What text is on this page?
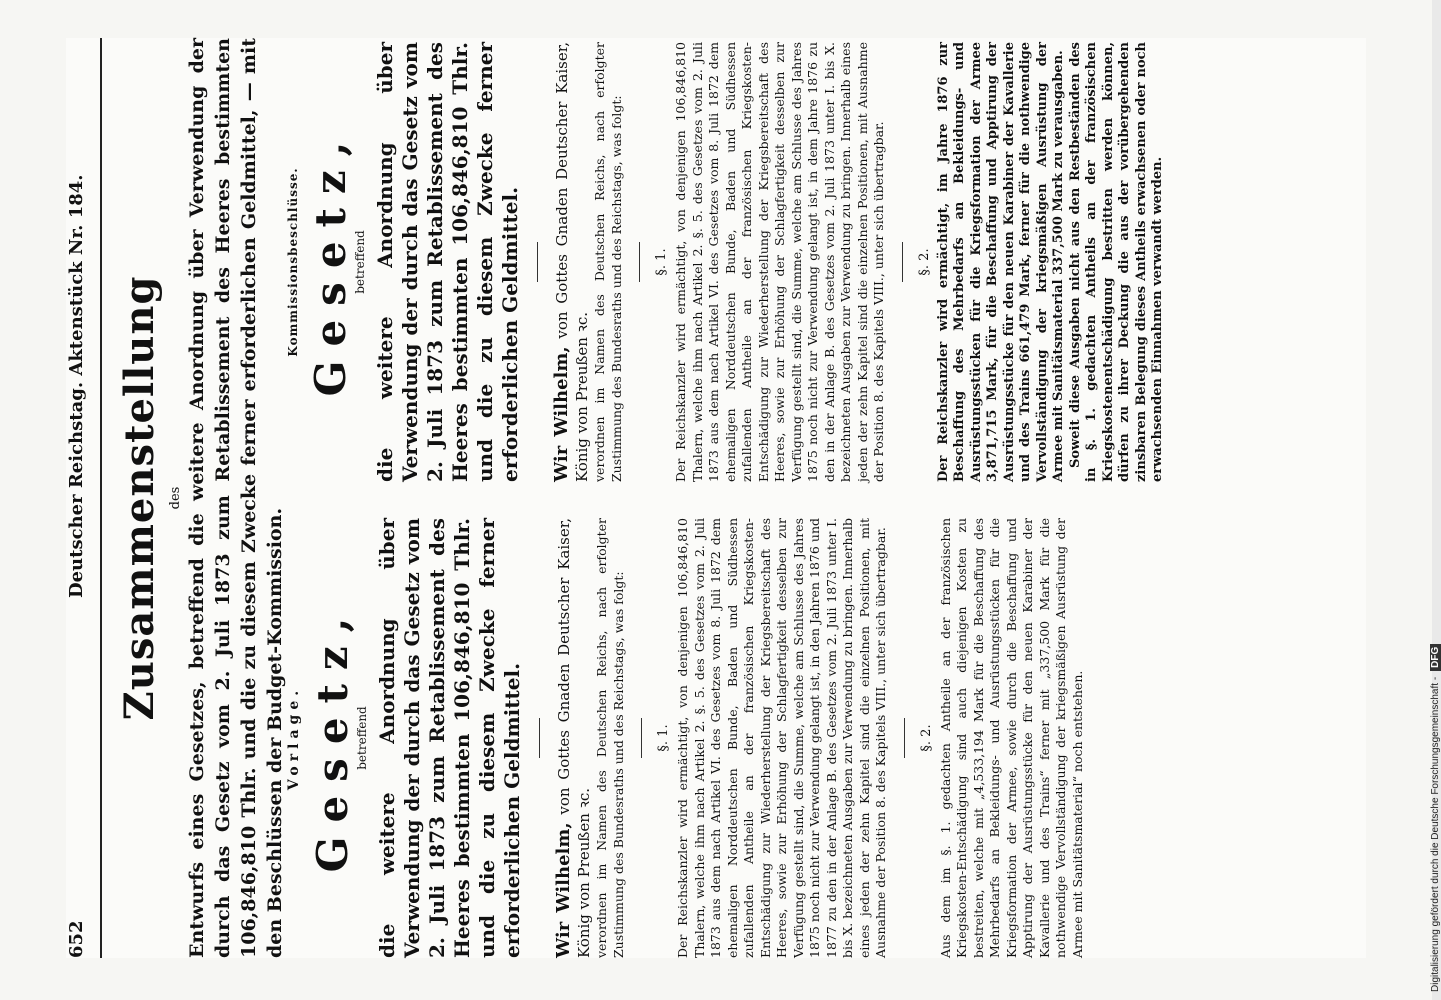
652
Deutscher Reichstag. Aktenstück Nr. 184. Zusammenstellung des Entwurfs eines Gesetzes, betreffend die weitere Anordnung über Verwendung der durch das Gesetz vom 2. Juli 1873 zum Retablissement des Heeres bestimmten 106,846,810 Thlr. und die zu diesem Zwecke ferner erforderlichen Geldmittel, — mit den Beschlüssen der Budget-Kommission. Vorlage. Gesetz,
betreffend die weitere Anordnung über Verwendung der durch das Gesetz vom 2. Juli 1873 zum Retablissement des Heeres bestimmten 106,846,810 Thlr. und die zu diesem Zwecke ferner erforderlichen Geldmittel. Wir Wilhelm, von Gottes Gnaden Deutscher Kaiser, König von Preußen ꝛc. verordnen im Namen des Deutschen Reichs, nach erfolgter Zustimmung des Bundesraths und des Reichstags, was folgt: §. 1. Der Reichskanzler wird ermächtigt, von denjenigen 106,846,810 Thalern, welche ihm nach Artikel 2. §. 5. des Gesetzes vom 2. Juli 1873 aus dem nach Artikel VI. des Gesetzes vom 8. Juli 1872 dem ehemaligen Norddeutschen Bunde, Baden und Südhessen zufallenden Antheile an der französischen Kriegskosten-Entschädigung zur Wiederherstellung der Kriegsbereitschaft des Heeres, sowie zur Erhöhung der Schlagfertigkeit desselben zur Verfügung gestellt sind, die Summe, welche am Schlusse des Jahres 1875 noch nicht zur Verwendung gelangt ist, in den Jahren 1876 und 1877 zu den in der Anlage B. des Gesetzes vom 2. Juli 1873 unter I. bis X. bezeichneten Ausgaben zur Verwendung zu bringen. Innerhalb eines jeden der zehn Kapitel sind die einzelnen Positionen, mit Ausnahme der Position 8. des Kapitels VIII., unter sich übertragbar. §. 2. Aus dem im §. 1. gedachten Antheile an der französischen Kriegskosten-Entschädigung sind auch diejenigen Kosten zu bestreiten, welche mit „4,533,194 Mark für die Beschaffung des Mehrbedarfs an Bekleidungs- und Ausrüstungsstücken für die Kriegsformation der Armee, sowie durch die Beschaffung und Apptirung der Ausrüstungsstücke für den neuen Karabiner der Kavallerie und des Trains“ ferner mit „337,500 Mark für die nothwendige Vervollständigung der kriegsmäßigen Ausrüstung der Armee mit Sanitätsmaterial“ noch entstehen.
Kommissionsbeschlüsse. Gesetz,
betreffend die weitere Anordnung über Verwendung der durch das Gesetz vom 2. Juli 1873 zum Retablissement des Heeres bestimmten 106,846,810 Thlr. und die zu diesem Zwecke ferner erforderlichen Geldmittel. Wir Wilhelm, von Gottes Gnaden Deutscher Kaiser, König von Preußen ꝛc. verordnen im Namen des Deutschen Reichs, nach erfolgter Zustimmung des Bundesraths und des Reichstags, was folgt: §. 1. Der Reichskanzler wird ermächtigt, von denjenigen 106,846,810 Thalern, welche ihm nach Artikel 2. §. 5. des Gesetzes vom 2. Juli 1873 aus dem nach Artikel VI. des Gesetzes vom 8. Juli 1872 dem ehemaligen Norddeutschen Bunde, Baden und Südhessen zufallenden Antheile an der französischen Kriegskosten-Entschädigung zur Wiederherstellung der Kriegsbereitschaft des Heeres, sowie zur Erhöhung der Schlagfertigkeit desselben zur Verfügung gestellt sind, die Summe, welche am Schlusse des Jahres 1875 noch nicht zur Verwendung gelangt ist, in dem Jahre 1876 zu den in der Anlage B. des Gesetzes vom 2. Juli 1873 unter I. bis X. bezeichneten Ausgaben zur Verwendung zu bringen. Innerhalb eines jeden der zehn Kapitel sind die einzelnen Positionen, mit Ausnahme der Position 8. des Kapitels VIII., unter sich übertragbar. §. 2. Der Reichskanzler wird ermächtigt, im Jahre 1876 zur Beschaffung des Mehrbedarfs an Bekleidungs- und Ausrüstungsstücken für die Kriegsformation der Armee 3,871,715 Mark, für die Beschaffung und Apptirung der Ausrüstungsstücke für den neuen Karabiner der Kavallerie und des Trains 661,479 Mark, ferner für die nothwendige Vervollständigung der kriegsmäßigen Ausrüstung der Armee mit Sanitätsmaterial 337,500 Mark zu verausgaben. Soweit diese Ausgaben nicht aus den Restbeständen des in §. 1. gedachten Antheils an der französischen Kriegskostenentschädigung bestritten werden können, dürfen zu ihrer Deckung die aus der vorübergehenden zinsbaren Belegung dieses Antheils erwachsenen oder noch erwachsenden Einnahmen verwandt werden.
Digitalisierung gefördert durch die Deutsche Forschungsgemeinschaft -DFG
